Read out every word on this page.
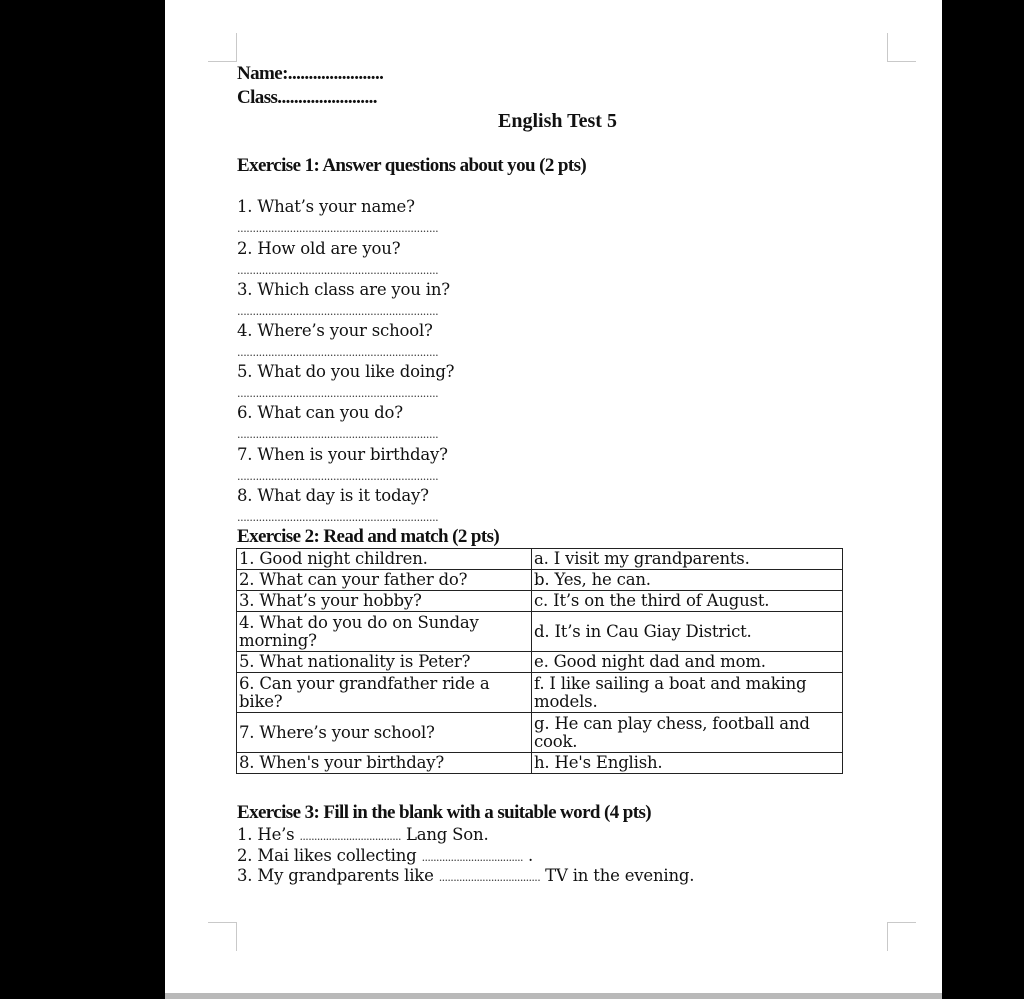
Name:.......................
Class........................
English Test 5
Exercise 1: Answer questions about you (2 pts)
1. What’s your name?
.................................................................
2. How old are you?
.................................................................
3. Which class are you in?
.................................................................
4. Where’s your school?
.................................................................
5. What do you like doing?
.................................................................
6. What can you do?
.................................................................
7. When is your birthday?
.................................................................
8. What day is it today?
.................................................................
Exercise 2: Read and match (2 pts)
1. Good night children.	a. I visit my grandparents.
2. What can your father do?	b. Yes, he can.
3. What’s your hobby?	c. It’s on the third of August.
4. What do you do on Sunday morning?	d. It’s in Cau Giay District.
5. What nationality is Peter?	e. Good night dad and mom.
6. Can your grandfather ride a bike?	f. I like sailing a boat and making models.
7. Where’s your school?	g. He can play chess, football and cook.
8. When's your birthday?	h. He's English.
Exercise 3: Fill in the blank with a suitable word (4 pts)
1. He’s ................................... Lang Son.
2. Mai likes collecting ................................... .
3. My grandparents like ................................... TV in the evening.
